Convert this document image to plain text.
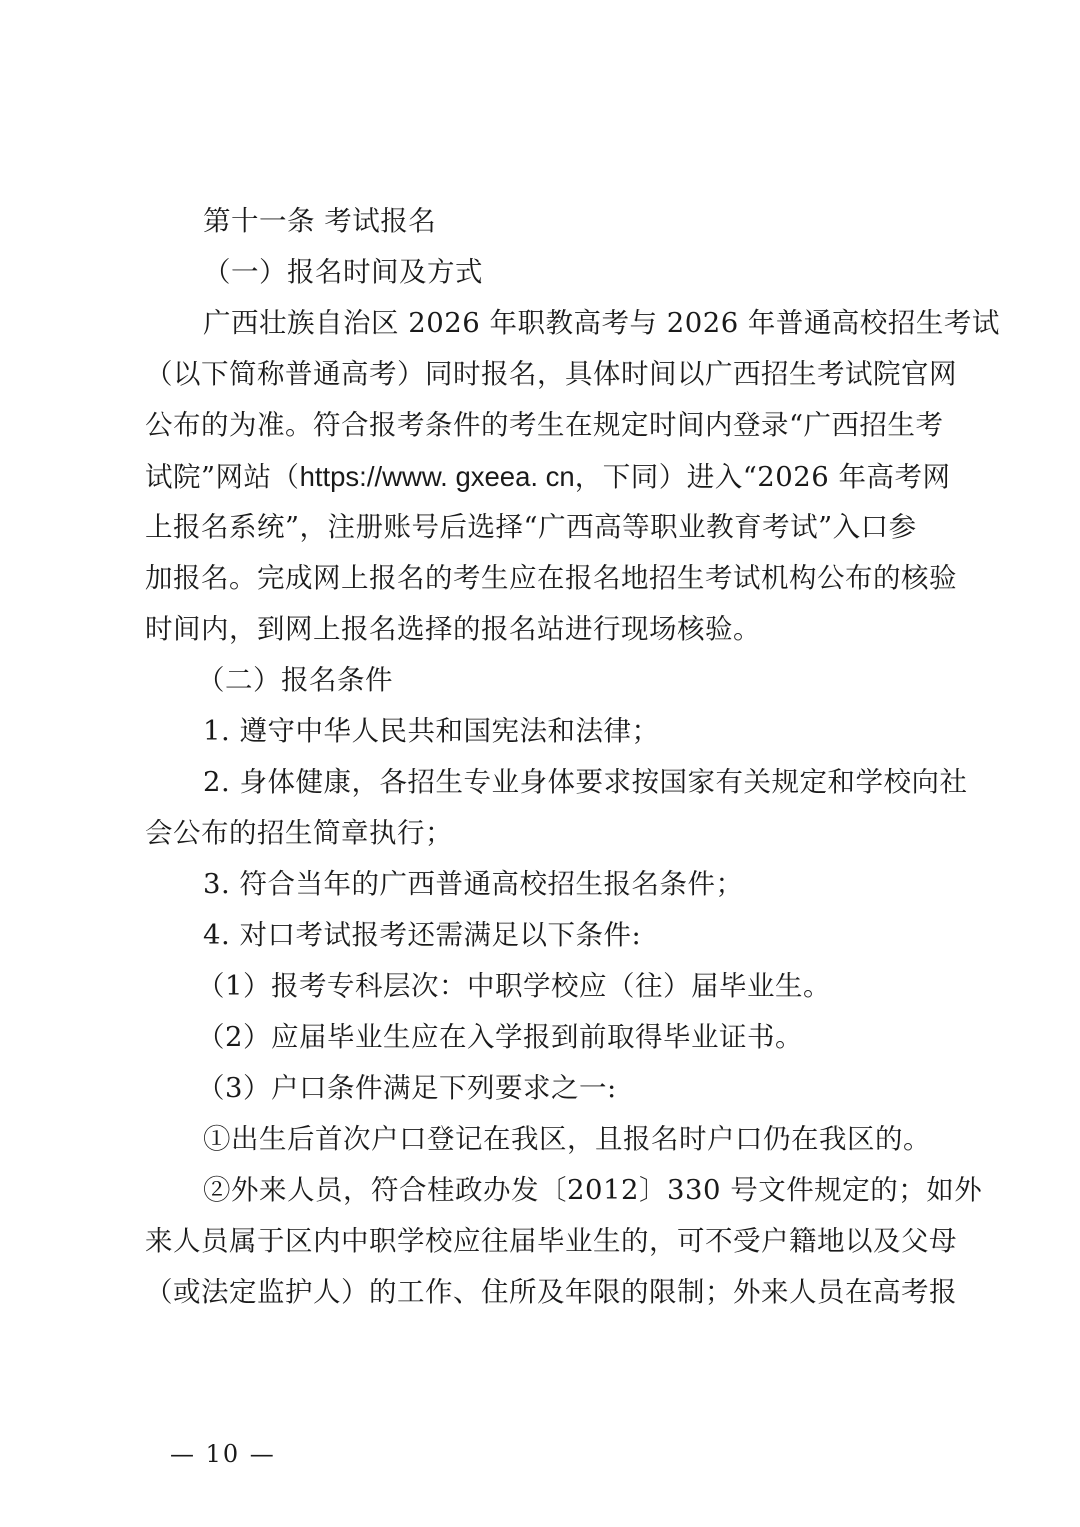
第十一条 考试报名
（一）报名时间及方式
广西壮族自治区 2026 年职教高考与 2026 年普通高校招生考试
（以下简称普通高考）同时报名，具体时间以广西招生考试院官网
公布的为准。符合报考条件的考生在规定时间内登录“广西招生考
试院”网站（https://www. gxeea. cn，下同）进入“2026 年高考网
上报名系统”，注册账号后选择“广西高等职业教育考试”入口参
加报名。完成网上报名的考生应在报名地招生考试机构公布的核验
时间内，到网上报名选择的报名站进行现场核验。
（二）报名条件
1. 遵守中华人民共和国宪法和法律；
2. 身体健康，各招生专业身体要求按国家有关规定和学校向社
会公布的招生简章执行；
3. 符合当年的广西普通高校招生报名条件；
4. 对口考试报考还需满足以下条件:
（1）报考专科层次：中职学校应（往）届毕业生。
（2）应届毕业生应在入学报到前取得毕业证书。
（3）户口条件满足下列要求之一:
①出生后首次户口登记在我区，且报名时户口仍在我区的。
②外来人员，符合桂政办发〔2012〕330 号文件规定的；如外
来人员属于区内中职学校应往届毕业生的，可不受户籍地以及父母
（或法定监护人）的工作、住所及年限的限制；外来人员在高考报
— 10 —
